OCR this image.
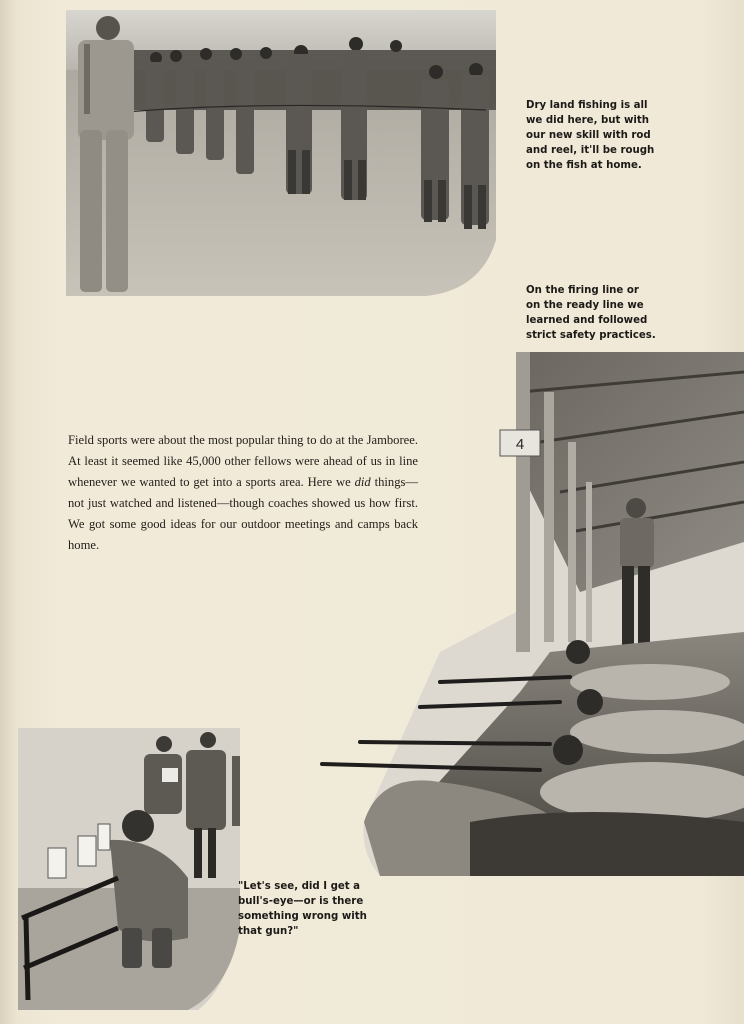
Dry land fishing is all
we did here, but with
our new skill with rod
and reel, it'll be rough
on the fish at home.

On the firing line or
on the ready line we
learned and followed
strict safety practices.

Field sports were about the most popular thing to do at the Jamboree. At least it seemed like 45,000 other fellows were ahead of us in line whenever we wanted to get into a sports area. Here we did things—not just watched and listened—though coaches showed us how first. We got some good ideas for our outdoor meetings and camps back home.

4

"Let's see, did I get a
bull's-eye—or is there
something wrong with
that gun?"
